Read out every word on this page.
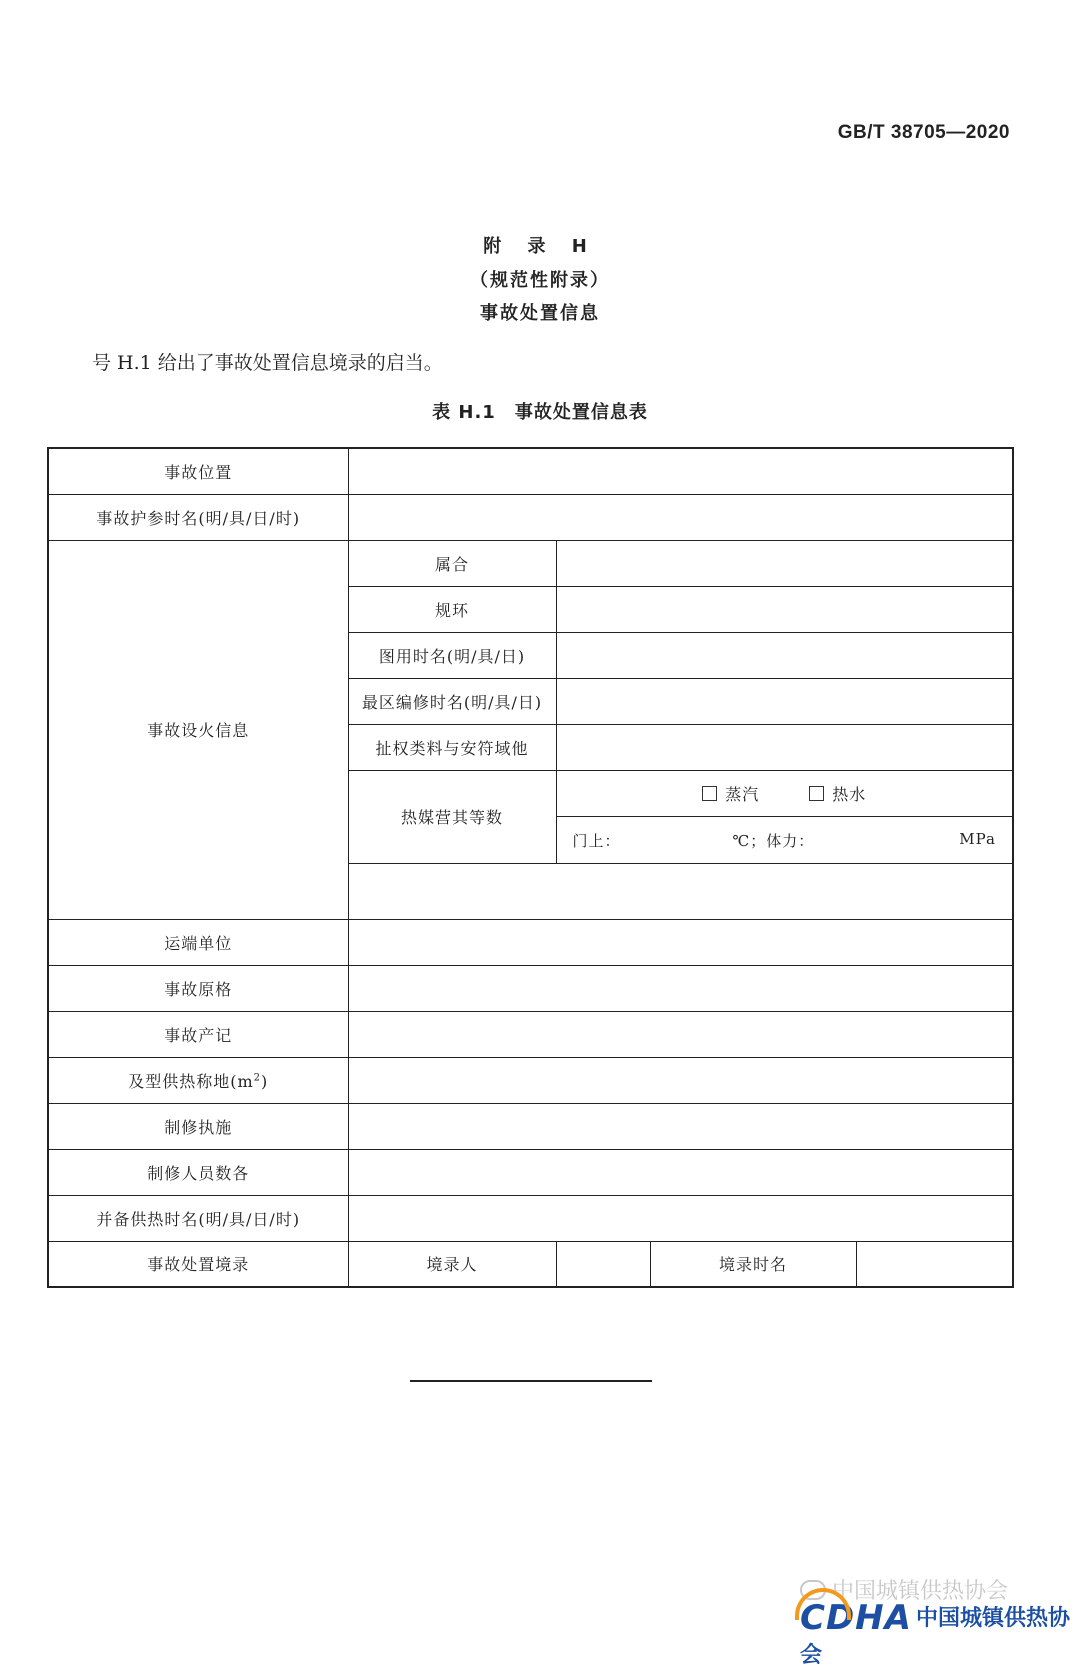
GB/T 38705—2020
附 录 H
（规范性附录）
事故处置信息
号 H.1 给出了事故处置信息境录的启当。
表 H.1　事故处置信息表
事故位置				
事故护参时名(明/具/日/时)				
事故设火信息	属合			
	规环			
	图用时名(明/具/日)			
	最区编修时名(明/具/日)			
	扯权类料与安符域他			
	热媒营其等数	蒸汽 热水		

		门上： ℃；体力： MPa		

运端单位				
事故原格				
事故产记				
及型供热称地$(m^2)$				
制修执施				
制修人员数各				
并备供热时名(明/具/日/时)				
事故处置境录	境录人		境录时名	
中国城镇供热协会
CDHA 中国城镇供热协会
